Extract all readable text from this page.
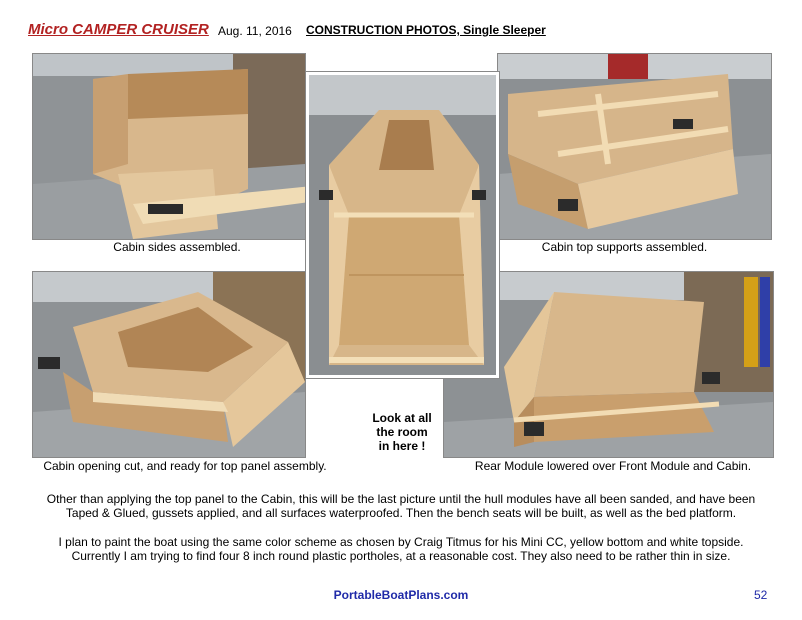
Micro CAMPER CRUISER Aug. 11, 2016 CONSTRUCTION PHOTOS, Single Sleeper
Cabin sides assembled.	Cabin top supports assembled.
Cabin opening cut, and ready for top panel assembly.	Rear Module lowered over Front Module and Cabin.
Look at all
the room
in here !
Other than applying the top panel to the Cabin, this will be the last picture until the hull modules have all been sanded, and have been
Taped & Glued, gussets applied, and all surfaces waterproofed. Then the bench seats will be built, as well as the bed platform.
I plan to paint the boat using the same color scheme as chosen by Craig Titmus for his Mini CC, yellow bottom and white topside.
Currently I am trying to find four 8 inch round plastic portholes, at a reasonable cost. They also need to be rather thin in size.
PortableBoatPlans.com	52
